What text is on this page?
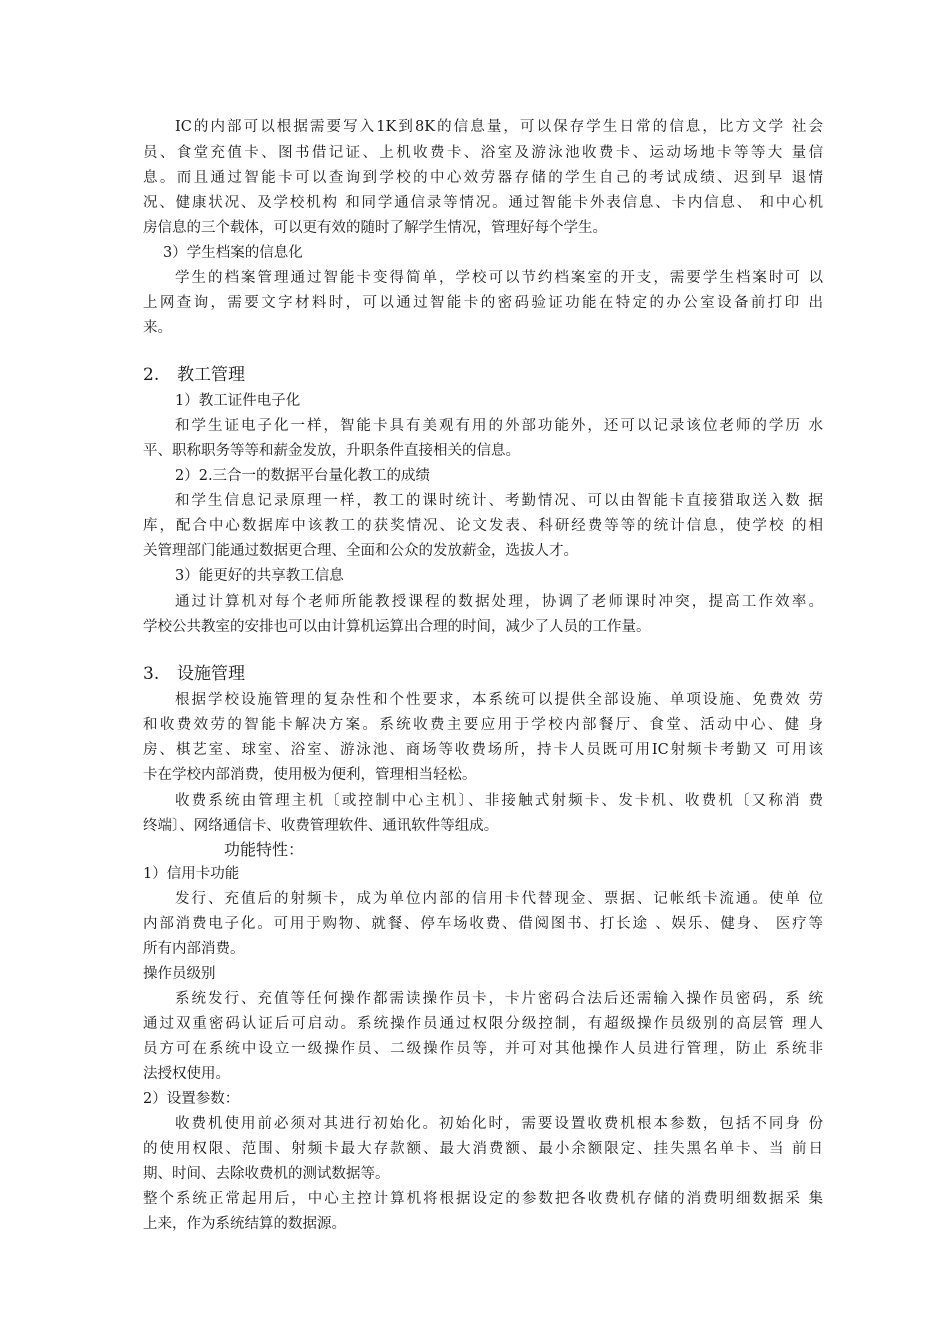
IC的内部可以根据需要写入1K到8K的信息量，可以保存学生日常的信息，比方文学 社会
员、食堂充值卡、图书借记证、上机收费卡、浴室及游泳池收费卡、运动场地卡等等大 量信
息。而且通过智能卡可以查询到学校的中心效劳器存储的学生自己的考试成绩、迟到早 退情
况、健康状况、及学校机构 和同学通信录等情况。通过智能卡外表信息、卡内信息、 和中心机
房信息的三个载体，可以更有效的随时了解学生情况，管理好每个学生。
3）学生档案的信息化
学生的档案管理通过智能卡变得简单，学校可以节约档案室的开支，需要学生档案时可 以
上网查询，需要文字材料时，可以通过智能卡的密码验证功能在特定的办公室设备前打印 出
来。
2. 教工管理
1）教工证件电子化
和学生证电子化一样，智能卡具有美观有用的外部功能外，还可以记录该位老师的学历 水
平、职称职务等等和薪金发放，升职条件直接相关的信息。
2）2.三合一的数据平台量化教工的成绩
和学生信息记录原理一样，教工的课时统计、考勤情况、可以由智能卡直接猎取送入数 据
库，配合中心数据库中该教工的获奖情况、论文发表、科研经费等等的统计信息，使学校 的相
关管理部门能通过数据更合理、全面和公众的发放薪金，选拔人才。
3）能更好的共享教工信息
通过计算机对每个老师所能教授课程的数据处理，协调了老师课时冲突，提高工作效率。
学校公共教室的安排也可以由计算机运算出合理的时间，减少了人员的工作量。
3. 设施管理
根据学校设施管理的复杂性和个性要求，本系统可以提供全部设施、单项设施、免费效 劳
和收费效劳的智能卡解决方案。系统收费主要应用于学校内部餐厅、食堂、活动中心、健 身
房、棋艺室、球室、浴室、游泳池、商场等收费场所，持卡人员既可用IC射频卡考勤又 可用该
卡在学校内部消费，使用极为便利，管理相当轻松。
收费系统由管理主机〔或控制中心主机〕、非接触式射频卡、发卡机、收费机〔又称消 费
终端〕、网络通信卡、收费管理软件、通讯软件等组成。
功能特性：
1）信用卡功能
发行、充值后的射频卡，成为单位内部的信用卡代替现金、票据、记帐纸卡流通。使单 位
内部消费电子化。可用于购物、就餐、停车场收费、借阅图书、打长途 、娱乐、健身、 医疗等
所有内部消费。
操作员级别
系统发行、充值等任何操作都需读操作员卡，卡片密码合法后还需输入操作员密码，系 统
通过双重密码认证后可启动。系统操作员通过权限分级控制，有超级操作员级别的高层管 理人
员方可在系统中设立一级操作员、二级操作员等，并可对其他操作人员进行管理，防止 系统非
法授权使用。
2）设置参数：
收费机使用前必须对其进行初始化。初始化时，需要设置收费机根本参数，包括不同身 份
的使用权限、范围、射频卡最大存款额、最大消费额、最小余额限定、挂失黑名单卡、当 前日
期、时间、去除收费机的测试数据等。
整个系统正常起用后，中心主控计算机将根据设定的参数把各收费机存储的消费明细数据采 集
上来，作为系统结算的数据源。
